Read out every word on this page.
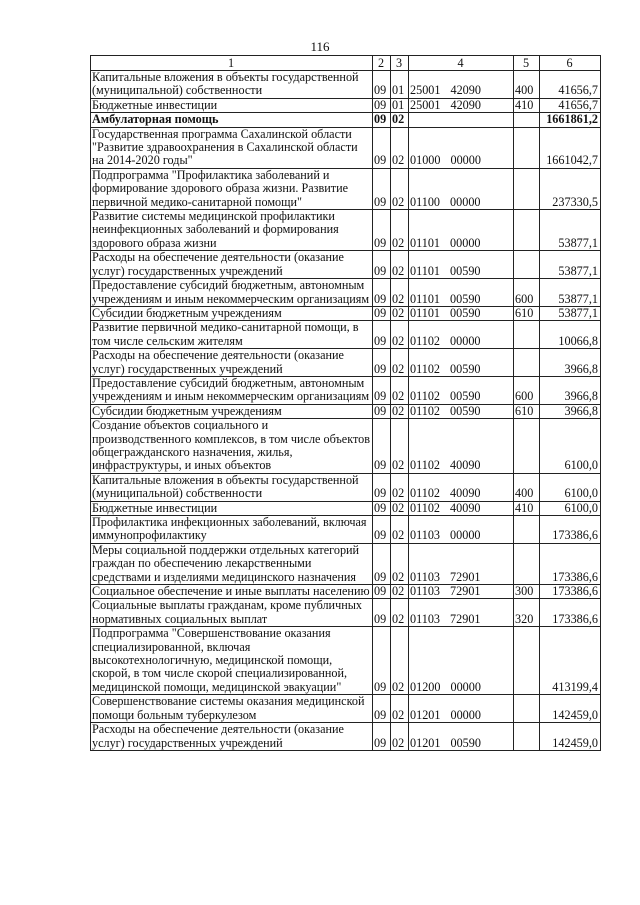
116
1	2	3	4	5	6
Капитальные вложения в объекты государственной (муниципальной) собственности	09	01	25001 42090	400	41656,7
Бюджетные инвестиции	09	01	25001 42090	410	41656,7
Амбулаторная помощь	09	02			1661861,2
Государственная программа Сахалинской области "Развитие здравоохранения в Сахалинской области на 2014-2020 годы"	09	02	01000 00000		1661042,7
Подпрограмма "Профилактика заболеваний и формирование здорового образа жизни. Развитие первичной медико-санитарной помощи"	09	02	01100 00000		237330,5
Развитие системы медицинской профилактики неинфекционных заболеваний и формирования здорового образа жизни	09	02	01101 00000		53877,1
Расходы на обеспечение деятельности (оказание услуг) государственных учреждений	09	02	01101 00590		53877,1
Предоставление субсидий бюджетным, автономным учреждениям и иным некоммерческим организациям	09	02	01101 00590	600	53877,1
Субсидии бюджетным учреждениям	09	02	01101 00590	610	53877,1
Развитие первичной медико-санитарной помощи, в том числе сельским жителям	09	02	01102 00000		10066,8
Расходы на обеспечение деятельности (оказание услуг) государственных учреждений	09	02	01102 00590		3966,8
Предоставление субсидий бюджетным, автономным учреждениям и иным некоммерческим организациям	09	02	01102 00590	600	3966,8
Субсидии бюджетным учреждениям	09	02	01102 00590	610	3966,8
Создание объектов социального и производственного комплексов, в том числе объектов общегражданского назначения, жилья, инфраструктуры, и иных объектов	09	02	01102 40090		6100,0
Капитальные вложения в объекты государственной (муниципальной) собственности	09	02	01102 40090	400	6100,0
Бюджетные инвестиции	09	02	01102 40090	410	6100,0
Профилактика инфекционных заболеваний, включая иммунопрофилактику	09	02	01103 00000		173386,6
Меры социальной поддержки отдельных категорий граждан по обеспечению лекарственными средствами и изделиями медицинского назначения	09	02	01103 72901		173386,6
Социальное обеспечение и иные выплаты населению	09	02	01103 72901	300	173386,6
Социальные выплаты гражданам, кроме публичных нормативных социальных выплат	09	02	01103 72901	320	173386,6
Подпрограмма "Совершенствование оказания специализированной, включая высокотехнологичную, медицинской помощи, скорой, в том числе скорой специализированной, медицинской помощи, медицинской эвакуации"	09	02	01200 00000		413199,4
Совершенствование системы оказания медицинской помощи больным туберкулезом	09	02	01201 00000		142459,0
Расходы на обеспечение деятельности (оказание услуг) государственных учреждений	09	02	01201 00590		142459,0
